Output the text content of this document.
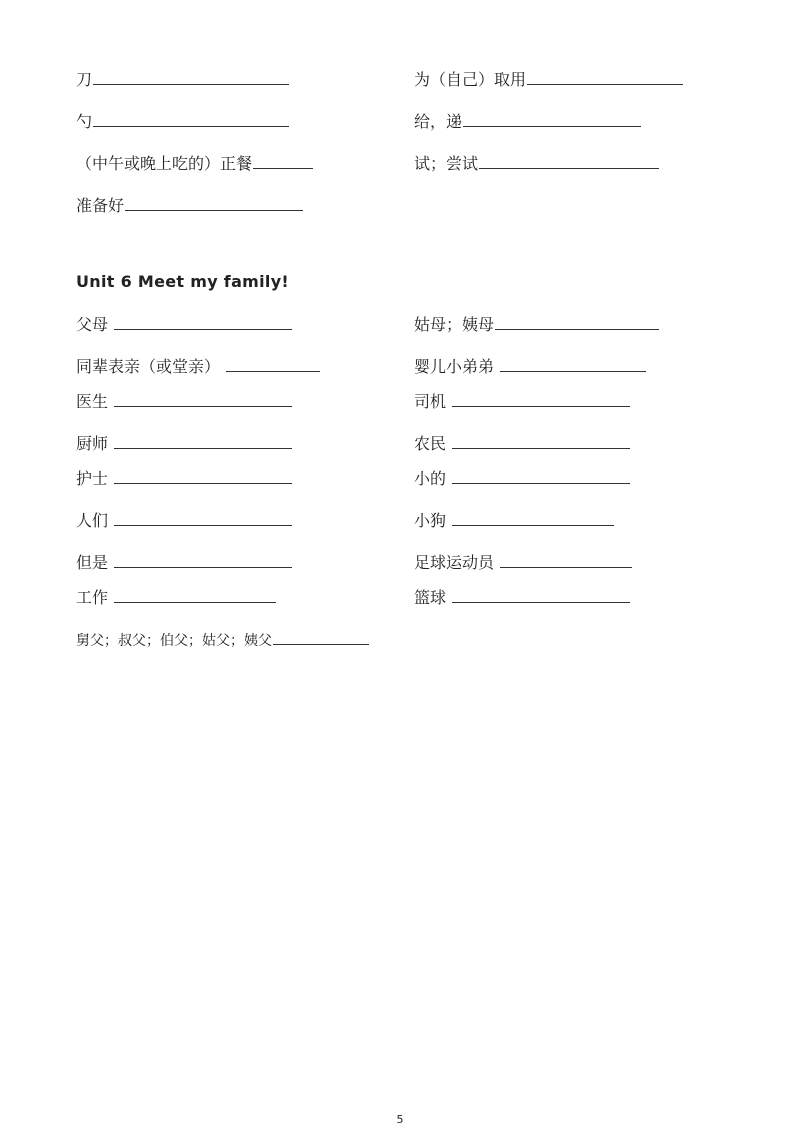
刀	为（自己）取用
勺	给，递
（中午或晚上吃的）正餐	试；尝试
准备好
Unit 6 Meet my family!
父母	姑母；姨母
同辈表亲（或堂亲）	婴儿小弟弟
医生	司机
厨师	农民
护士	小的
人们	小狗
但是	足球运动员
工作	篮球
舅父；叔父；伯父；姑父；姨父
5
